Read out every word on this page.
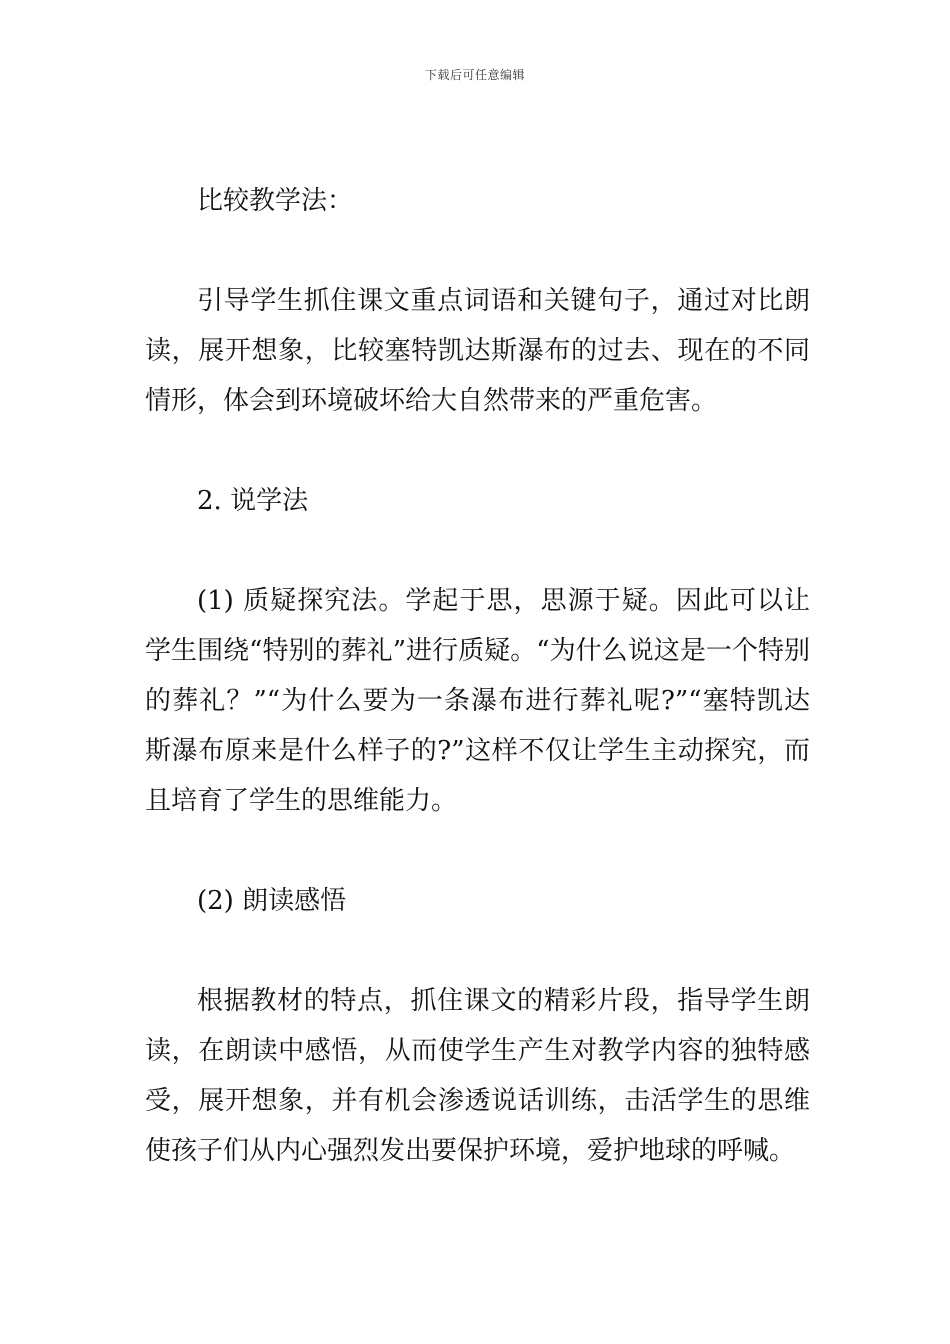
下载后可任意编辑

比较教学法：

引导学生抓住课文重点词语和关键句子，通过对比朗读，展开想象，比较塞特凯达斯瀑布的过去、现在的不同情形，体会到环境破坏给大自然带来的严重危害。

2. 说学法

(1) 质疑探究法。学起于思，思源于疑。因此可以让学生围绕“特别的葬礼”进行质疑。“为什么说这是一个特别的葬礼？”“为什么要为一条瀑布进行葬礼呢?”“塞特凯达斯瀑布原来是什么样子的?”这样不仅让学生主动探究，而且培育了学生的思维能力。

(2) 朗读感悟

根据教材的特点，抓住课文的精彩片段，指导学生朗读，在朗读中感悟，从而使学生产生对教学内容的独特感受，展开想象，并有机会渗透说话训练，击活学生的思维使孩子们从内心强烈发出要保护环境，爱护地球的呼喊。
